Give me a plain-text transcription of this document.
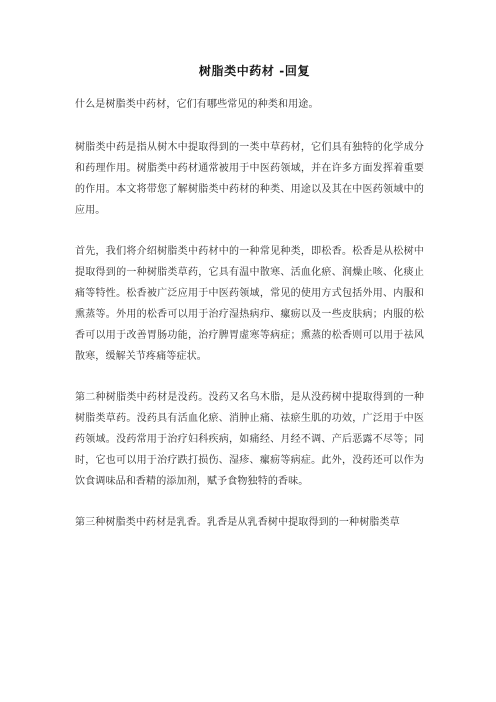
树脂类中药材 -回复

什么是树脂类中药材，它们有哪些常见的种类和用途。

树脂类中药是指从树木中提取得到的一类中草药材，它们具有独特的化学成分和药理作用。树脂类中药材通常被用于中医药领域，并在许多方面发挥着重要的作用。本文将带您了解树脂类中药材的种类、用途以及其在中医药领域中的应用。

首先，我们将介绍树脂类中药材中的一种常见种类，即松香。松香是从松树中提取得到的一种树脂类草药，它具有温中散寒、活血化瘀、润燥止咳、化痰止痛等特性。松香被广泛应用于中医药领域，常见的使用方式包括外用、内服和熏蒸等。外用的松香可以用于治疗湿热病疖、瘰疬以及一些皮肤病；内服的松香可以用于改善胃肠功能，治疗脾胃虚寒等病症；熏蒸的松香则可以用于祛风散寒，缓解关节疼痛等症状。

第二种树脂类中药材是没药。没药又名乌木脂，是从没药树中提取得到的一种树脂类草药。没药具有活血化瘀、消肿止痛、祛瘀生肌的功效，广泛用于中医药领域。没药常用于治疗妇科疾病，如痛经、月经不调、产后恶露不尽等；同时，它也可以用于治疗跌打损伤、湿疹、瘰疬等病症。此外，没药还可以作为饮食调味品和香精的添加剂，赋予食物独特的香味。

第三种树脂类中药材是乳香。乳香是从乳香树中提取得到的一种树脂类草
